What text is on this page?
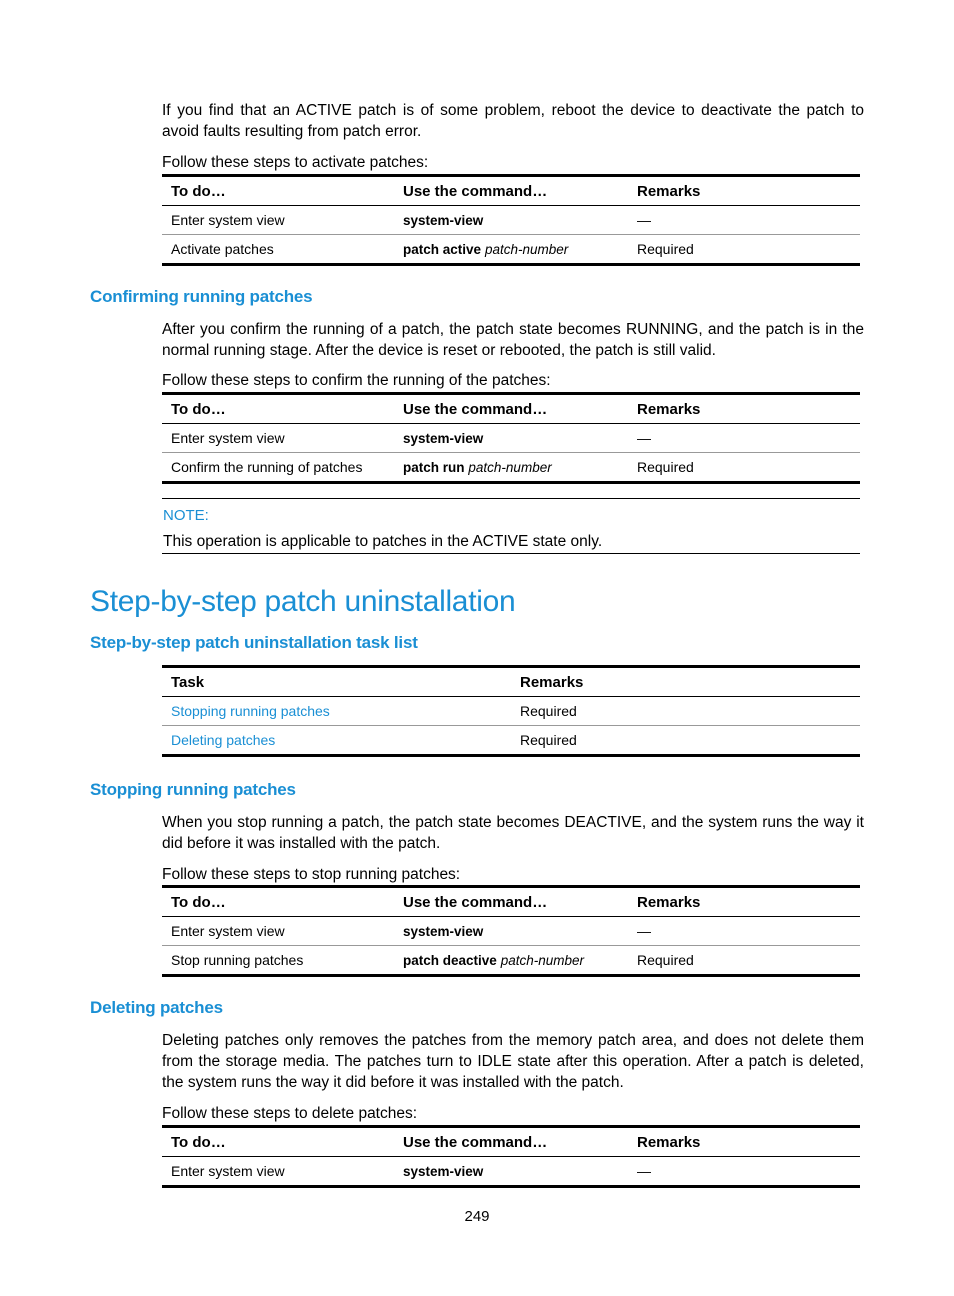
If you find that an ACTIVE patch is of some problem, reboot the device to deactivate the patch to avoid faults resulting from patch error.
Follow these steps to activate patches:
To do…	Use the command…	Remarks
Enter system view	system-view	—
Activate patches	patch active patch-number	Required
Confirming running patches
After you confirm the running of a patch, the patch state becomes RUNNING, and the patch is in the normal running stage. After the device is reset or rebooted, the patch is still valid.
Follow these steps to confirm the running of the patches:
To do…	Use the command…	Remarks
Enter system view	system-view	—
Confirm the running of patches	patch run patch-number	Required
NOTE:
This operation is applicable to patches in the ACTIVE state only.
Step-by-step patch uninstallation
Step-by-step patch uninstallation task list
Task	Remarks
Stopping running patches	Required
Deleting patches	Required
Stopping running patches
When you stop running a patch, the patch state becomes DEACTIVE, and the system runs the way it did before it was installed with the patch.
Follow these steps to stop running patches:
To do…	Use the command…	Remarks
Enter system view	system-view	—
Stop running patches	patch deactive patch-number	Required
Deleting patches
Deleting patches only removes the patches from the memory patch area, and does not delete them from the storage media. The patches turn to IDLE state after this operation. After a patch is deleted, the system runs the way it did before it was installed with the patch.
Follow these steps to delete patches:
To do…	Use the command…	Remarks
Enter system view	system-view	—
249
